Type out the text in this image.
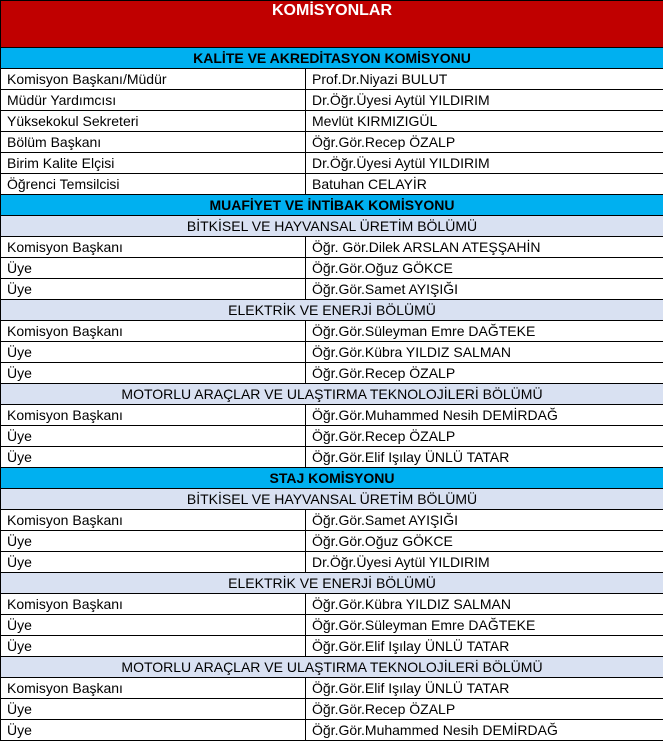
KOMİSYONLAR	
KALİTE VE AKREDİTASYON KOMİSYONU	
Komisyon Başkanı/Müdür	Prof.Dr.Niyazi BULUT
Müdür Yardımcısı	Dr.Öğr.Üyesi Aytül YILDIRIM
Yüksekokul Sekreteri	Mevlüt KIRMIZIGÜL
Bölüm Başkanı	Öğr.Gör.Recep ÖZALP
Birim Kalite Elçisi	Dr.Öğr.Üyesi Aytül YILDIRIM
Öğrenci Temsilcisi	Batuhan CELAYİR
MUAFİYET VE İNTİBAK KOMİSYONU	
BİTKİSEL VE HAYVANSAL ÜRETİM BÖLÜMÜ	
Komisyon Başkanı	Öğr. Gör.Dilek ARSLAN ATEŞŞAHİN
Üye	Öğr.Gör.Oğuz GÖKCE
Üye	Öğr.Gör.Samet AYIŞIĞI
ELEKTRİK VE ENERJİ BÖLÜMÜ	
Komisyon Başkanı	Öğr.Gör.Süleyman Emre DAĞTEKE
Üye	Öğr.Gör.Kübra YILDIZ SALMAN
Üye	Öğr.Gör.Recep ÖZALP
MOTORLU ARAÇLAR VE ULAŞTIRMA TEKNOLOJİLERİ BÖLÜMÜ	
Komisyon Başkanı	Öğr.Gör.Muhammed Nesih DEMİRDAĞ
Üye	Öğr.Gör.Recep ÖZALP
Üye	Öğr.Gör.Elif Işılay ÜNLÜ TATAR
STAJ KOMİSYONU	
BİTKİSEL VE HAYVANSAL ÜRETİM BÖLÜMÜ	
Komisyon Başkanı	Öğr.Gör.Samet AYIŞIĞI
Üye	Öğr.Gör.Oğuz GÖKCE
Üye	Dr.Öğr.Üyesi Aytül YILDIRIM
ELEKTRİK VE ENERJİ BÖLÜMÜ	
Komisyon Başkanı	Öğr.Gör.Kübra YILDIZ SALMAN
Üye	Öğr.Gör.Süleyman Emre DAĞTEKE
Üye	Öğr.Gör.Elif Işılay ÜNLÜ TATAR
MOTORLU ARAÇLAR VE ULAŞTIRMA TEKNOLOJİLERİ BÖLÜMÜ	
Komisyon Başkanı	Öğr.Gör.Elif Işılay ÜNLÜ TATAR
Üye	Öğr.Gör.Recep ÖZALP
Üye	Öğr.Gör.Muhammed Nesih DEMİRDAĞ
